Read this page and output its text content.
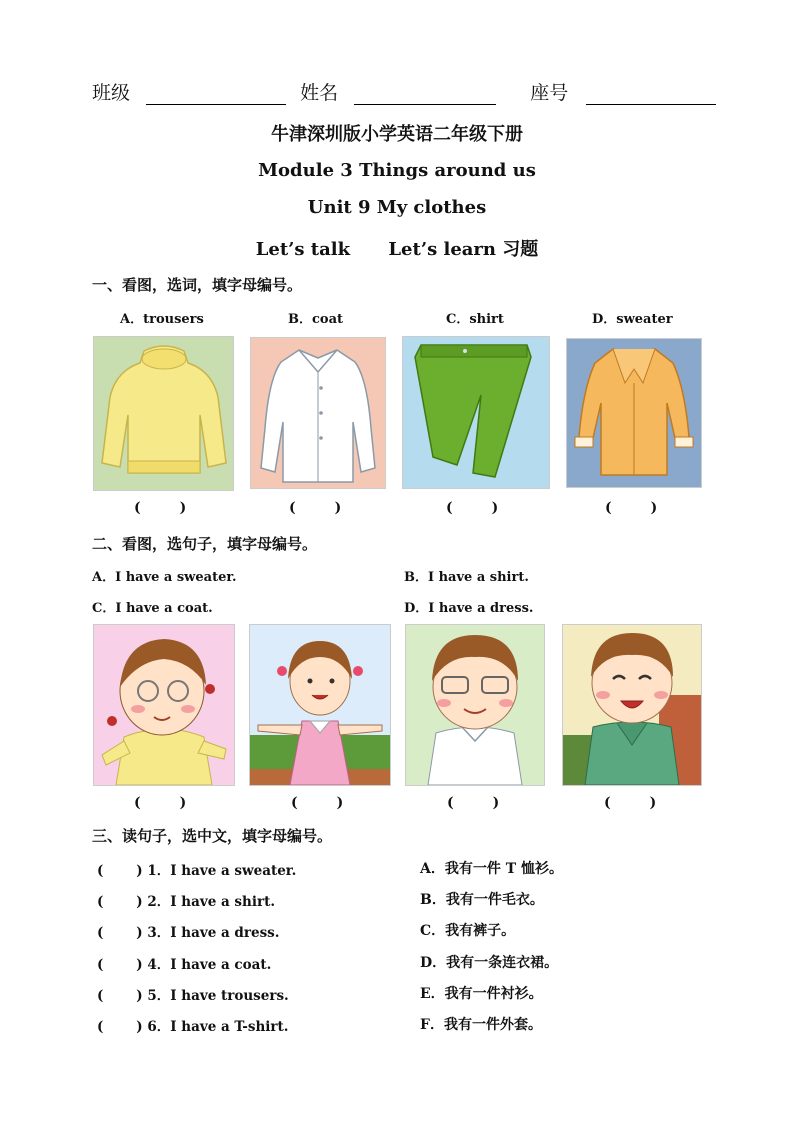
班级	姓名	座号
牛津深圳版小学英语二年级下册
Module 3 Things around us
Unit 9 My clothes
Let’s talk Let’s learn 习题
一、看图，选词，填字母编号。
A．trousers	B．coat	C．shirt	D．sweater
(        )	(        )	(        )	(        )
二、看图，选句子，填字母编号。
A．I have a sweater.	B．I have a shirt.
C．I have a coat.	D．I have a dress.
(        )	(        )	(        )	(        )
三、读句子，选中文，填字母编号。
(       ) 1．I have a sweater.
(       ) 2．I have a shirt.
(       ) 3．I have a dress.
(       ) 4．I have a coat.
(       ) 5．I have trousers.
(       ) 6．I have a T-shirt.
A．我有一件 T 恤衫。
B．我有一件毛衣。
C．我有裤子。
D．我有一条连衣裙。
E．我有一件衬衫。
F．我有一件外套。
